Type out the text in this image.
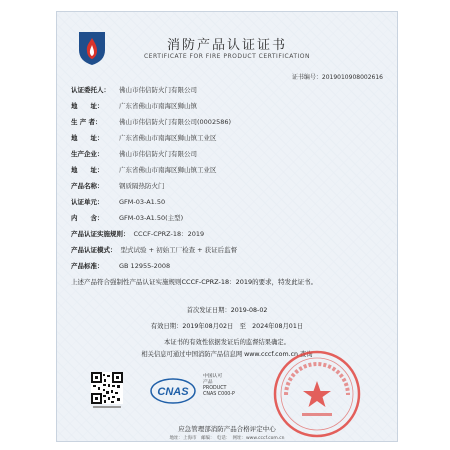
消防产品认证证书
CERTIFICATE FOR FIRE PRODUCT CERTIFICATION
证书编号：2019010908002616
认证委托人： 佛山市伟信防火门有限公司
地　　址： 广东省佛山市南海区狮山镇
生 产 者：	佛山市伟信防火门有限公司(0002586)
地　　址： 广东省佛山市南海区狮山镇工业区
生产企业： 佛山市伟信防火门有限公司
地　　址： 广东省佛山市南海区狮山镇工业区
产品名称： 钢质隔热防火门
认证单元： GFM-03-A1.50
内　　含： GFM-03-A1.50(主型)
产品认证实施规则： CCCF-CPRZ-18：2019
产品认证模式： 型式试验 + 初始工厂检查 + 获证后监督
产品标准： GB 12955-2008
上述产品符合强制性产品认证实施规则CCCF-CPRZ-18：2019的要求，特发此证书。
首次发证日期：2019-08-02
有效日期：2019年08月02日　至　2024年08月01日
本证书的有效性依据发证后的监督结果确定。
相关信息可通过中国消防产品信息网 www.cccf.com.cn 查询
CNAS
中国认可
产品
PRODUCT
CNAS C000-P
应急管理部消防产品合格评定中心
地址：上海市　邮编：　电话：　网址：www.cccf.com.cn
